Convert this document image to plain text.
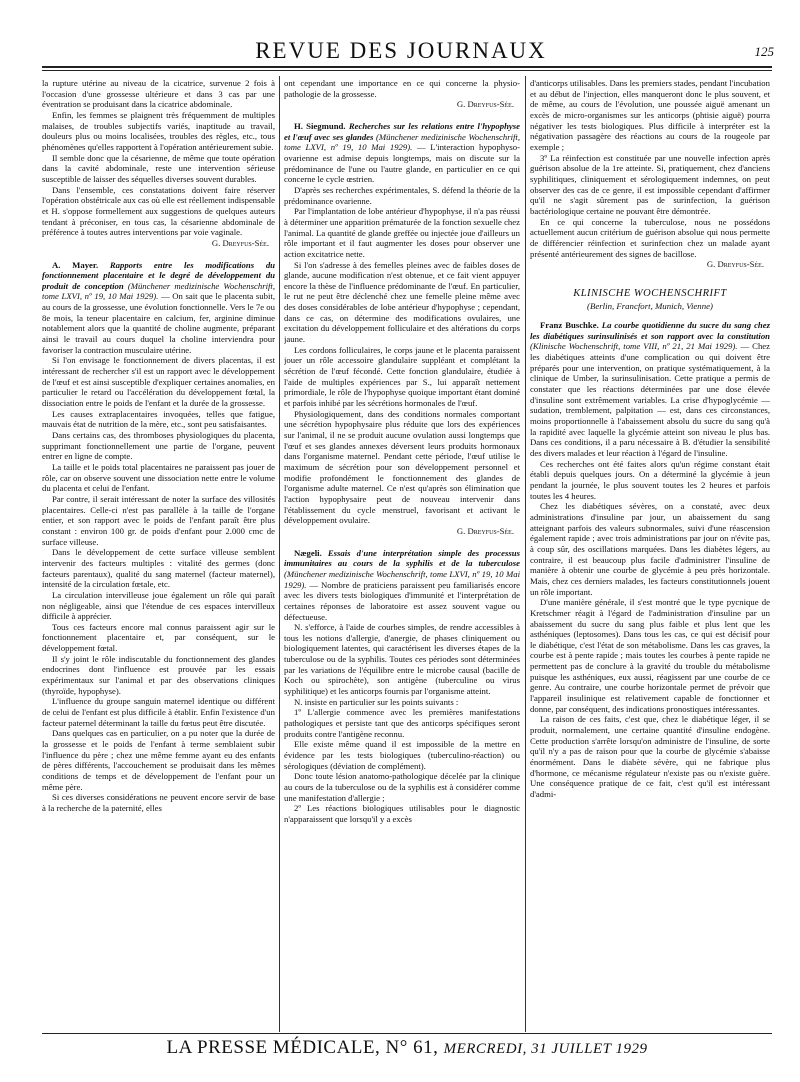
REVUE DES JOURNAUX	125

la rupture utérine au niveau de la cicatrice, survenue 2 fois à l'occasion d'une grossesse ultérieure et dans 3 cas par une éventration se produisant dans la cicatrice abdominale.

Enfin, les femmes se plaignent très fréquemment de multiples malaises, de troubles subjectifs variés, inaptitude au travail, douleurs plus ou moins localisées, troubles des règles, etc., tous phénomènes qu'elles rapportent à l'opération antérieurement subie.

Il semble donc que la césarienne, de même que toute opération dans la cavité abdominale, reste une intervention sérieuse susceptible de laisser des séquelles diverses souvent durables.

Dans l'ensemble, ces constatations doivent faire réserver l'opération obstétricale aux cas où elle est réellement indispensable et H. s'oppose formellement aux suggestions de quelques auteurs tendant à préconiser, en tous cas, la césarienne abdominale de préférence à toutes autres interventions par voie vaginale.

G. Dreyfus-Sée.

A. Mayer. Rapports entre les modifications du fonctionnement placentaire et le degré de développement du produit de conception (Münchener medizinische Wochenschrift, tome LXVI, nº 19, 10 Mai 1929). — On sait que le placenta subit, au cours de la grossesse, une évolution fonctionnelle. Vers le 7e ou 8e mois, la teneur placentaire en calcium, fer, arginine diminue notablement alors que la quantité de choline augmente, préparant ainsi le travail au cours duquel la choline interviendra pour favoriser la contraction musculaire utérine.

Si l'on envisage le fonctionnement de divers placentas, il est intéressant de rechercher s'il est un rapport avec le développement de l'œuf et est ainsi susceptible d'expliquer certaines anomalies, en particulier le retard ou l'accélération du développement fœtal, la dissociation entre le poids de l'enfant et la durée de la grossesse.

Les causes extraplacentaires invoquées, telles que fatigue, mauvais état de nutrition de la mère, etc., sont peu satisfaisantes.

Dans certains cas, des thromboses physiologiques du placenta, supprimant fonctionnellement une partie de l'organe, peuvent entrer en ligne de compte.

La taille et le poids total placentaires ne paraissent pas jouer de rôle, car on observe souvent une dissociation nette entre le volume du placenta et celui de l'enfant.

Par contre, il serait intéressant de noter la surface des villosités placentaires. Celle-ci n'est pas parallèle à la taille de l'organe entier, et son rapport avec le poids de l'enfant paraît être plus constant : environ 100 gr. de poids d'enfant pour 2.000 cmc de surface villeuse.

Dans le développement de cette surface villeuse semblent intervenir des facteurs multiples : vitalité des germes (donc facteurs parentaux), qualité du sang maternel (facteur maternel), intensité de la circulation fœtale, etc.

La circulation intervilleuse joue également un rôle qui paraît non négligeable, ainsi que l'étendue de ces espaces intervilleux difficile à apprécier.

Tous ces facteurs encore mal connus paraissent agir sur le fonctionnement placentaire et, par conséquent, sur le développement fœtal.

Il s'y joint le rôle indiscutable du fonctionnement des glandes endocrines dont l'influence est prouvée par les essais expérimentaux sur l'animal et par des observations cliniques (thyroïde, hypophyse).

L'influence du groupe sanguin maternel identique ou différent de celui de l'enfant est plus difficile à établir. Enfin l'existence d'un facteur paternel déterminant la taille du fœtus peut être discutée.

Dans quelques cas en particulier, on a pu noter que la durée de la grossesse et le poids de l'enfant à terme semblaient subir l'influence du père ; chez une même femme ayant eu des enfants de pères différents, l'accouchement se produisait dans les mêmes conditions de temps et de développement de l'enfant pour un même père.

Si ces diverses considérations ne peuvent encore servir de base à la recherche de la paternité, elles

ont cependant une importance en ce qui concerne la physio-pathologie de la grossesse.

G. Dreyfus-Sée.

H. Siegmund. Recherches sur les relations entre l'hypophyse et l'œuf avec ses glandes (Münchener medizinische Wochenschrift, tome LXVI, nº 19, 10 Mai 1929). — L'interaction hypophyso-ovarienne est admise depuis longtemps, mais on discute sur la prédominance de l'une ou l'autre glande, en particulier en ce qui concerne le cycle œstrien.

D'après ses recherches expérimentales, S. défend la théorie de la prédominance ovarienne.

Par l'implantation de lobe antérieur d'hypophyse, il n'a pas réussi à déterminer une apparition prématurée de la fonction sexuelle chez l'animal. La quantité de glande greffée ou injectée joue d'ailleurs un rôle important et il faut augmenter les doses pour observer une action excitatrice nette.

Si l'on s'adresse à des femelles pleines avec de faibles doses de glande, aucune modification n'est obtenue, et ce fait vient appuyer encore la thèse de l'influence prédominante de l'œuf. En particulier, le rut ne peut être déclenché chez une femelle pleine même avec des doses considérables de lobe antérieur d'hypophyse ; cependant, dans ce cas, on détermine des modifications ovulaires, une excitation du développement folliculaire et des altérations du corps jaune.

Les cordons folliculaires, le corps jaune et le placenta paraissent jouer un rôle accessoire glandulaire suppléant et complétant la sécrétion de l'œuf fécondé. Cette fonction glandulaire, étudiée à l'aide de multiples expériences par S., lui apparaît nettement primordiale, le rôle de l'hypophyse quoique important étant dominé et parfois inhibé par les sécrétions hormonales de l'œuf.

Physiologiquement, dans des conditions normales comportant une sécrétion hypophysaire plus réduite que lors des expériences sur l'animal, il ne se produit aucune ovulation aussi longtemps que l'œuf et ses glandes annexes déversent leurs produits hormonaux dans l'organisme maternel. Pendant cette période, l'œuf utilise le maximum de sécrétion pour son développement personnel et modifie profondément le fonctionnement des glandes de l'organisme adulte maternel. Ce n'est qu'après son élimination que l'action hypophysaire peut de nouveau intervenir dans l'établissement du cycle menstruel, favorisant et activant le développement ovulaire.

G. Dreyfus-Sée.

Nægeli. Essais d'une interprétation simple des processus immunitaires au cours de la syphilis et de la tuberculose (Münchener medizinische Wochenschrift, tome LXVI, nº 19, 10 Mai 1929). — Nombre de praticiens paraissent peu familiarisés encore avec les divers tests biologiques d'immunité et l'interprétation de certaines réponses de laboratoire est assez souvent vague ou défectueuse.

N. s'efforce, à l'aide de courbes simples, de rendre accessibles à tous les notions d'allergie, d'anergie, de phases cliniquement ou biologiquement latentes, qui caractérisent les diverses étapes de la tuberculose ou de la syphilis. Toutes ces périodes sont déterminées par les variations de l'équilibre entre le microbe causal (bacille de Koch ou spirochète), son antigène (tuberculine ou virus syphilitique) et les anticorps fournis par l'organisme atteint.

N. insiste en particulier sur les points suivants :

1º L'allergie commence avec les premières manifestations pathologiques et persiste tant que des anticorps spécifiques seront produits contre l'antigène reconnu.

Elle existe même quand il est impossible de la mettre en évidence par les tests biologiques (tuberculino-réaction) ou sérologiques (déviation de complément).

Donc toute lésion anatomo-pathologique décelée par la clinique au cours de la tuberculose ou de la syphilis est à considérer comme une manifestation d'allergie ;

2º Les réactions biologiques utilisables pour le diagnostic n'apparaissent que lorsqu'il y a excès

d'anticorps utilisables. Dans les premiers stades, pendant l'incubation et au début de l'injection, elles manqueront donc le plus souvent, et de même, au cours de l'évolution, une poussée aiguë amenant un excès de micro-organismes sur les anticorps (phtisie aiguë) pourra négativer les tests biologiques. Plus difficile à interpréter est la négativation passagère des réactions au cours de la rougeole par exemple ;

3º La réinfection est constituée par une nouvelle infection après guérison absolue de la 1re atteinte. Si, pratiquement, chez d'anciens syphilitiques, cliniquement et sérologiquement indemnes, on peut observer des cas de ce genre, il est impossible cependant d'affirmer qu'il ne s'agit sûrement pas de surinfection, la guérison bactériologique certaine ne pouvant être démontrée.

En ce qui concerne la tuberculose, nous ne possédons actuellement aucun critérium de guérison absolue qui nous permette de différencier réinfection et surinfection chez un malade ayant présenté antérieurement des signes de bacillose.

G. Dreyfus-Sée.
KLINISCHE WOCHENSCHRIFT
(Berlin, Francfort, Munich, Vienne)

Franz Buschke. La courbe quotidienne du sucre du sang chez les diabétiques surinsulinisés et son rapport avec la constitution (Klinische Wochenschrift, tome VIII, nº 21, 21 Mai 1929). — Chez les diabétiques atteints d'une complication ou qui doivent être préparés pour une intervention, on pratique systématiquement, à la clinique de Umber, la surinsulinisation. Cette pratique a permis de constater que les réactions déterminées par une dose élevée d'insuline sont extrêmement variables. La crise d'hypoglycémie — sudation, tremblement, palpitation — est, dans ces circonstances, moins proportionnelle à l'abaissement absolu du sucre du sang qu'à la rapidité avec laquelle la glycémie atteint son niveau le plus bas. Dans ces conditions, il a paru nécessaire à B. d'étudier la sensibilité des divers malades et leur réaction à l'égard de l'insuline.

Ces recherches ont été faites alors qu'un régime constant était établi depuis quelques jours. On a déterminé la glycémie à jeun pendant la journée, le plus souvent toutes les 2 heures et parfois toutes les 4 heures.

Chez les diabétiques sévères, on a constaté, avec deux administrations d'insuline par jour, un abaissement du sang atteignant parfois des valeurs subnormales, suivi d'une réascension également rapide ; avec trois administrations par jour on n'évite pas, à coup sûr, des oscillations marquées. Dans les diabètes légers, au contraire, il est beaucoup plus facile d'administrer l'insuline de manière à obtenir une courbe de glycémie à peu près horizontale. Mais, chez ces derniers malades, les facteurs constitutionnels jouent un rôle important.

D'une manière générale, il s'est montré que le type pycnique de Kretschmer réagit à l'égard de l'administration d'insuline par un abaissement du sucre du sang plus faible et plus lent que les asthéniques (leptosomes). Dans tous les cas, ce qui est décisif pour le diabétique, c'est l'état de son métabolisme. Dans les cas graves, la courbe est à pente rapide ; mais toutes les courbes à pente rapide ne permettent pas de conclure à la gravité du trouble du métabolisme puisque les asthéniques, eux aussi, réagissent par une courbe de ce genre. Au contraire, une courbe horizontale permet de prévoir que l'appareil insulinique est relativement capable de fonctionner et donne, par conséquent, des indications pronostiques intéressantes.

La raison de ces faits, c'est que, chez le diabétique léger, il se produit, normalement, une certaine quantité d'insuline endogène. Cette production s'arrête lorsqu'on administre de l'insuline, de sorte qu'il n'y a pas de raison pour que la courbe de glycémie s'abaisse énormément. Dans le diabète sévère, qui ne fabrique plus d'hormone, ce mécanisme régulateur n'existe pas ou n'existe guère. Une conséquence pratique de ce fait, c'est qu'il est intéressant d'admi-

LA PRESSE MÉDICALE, N° 61, MERCREDI, 31 JUILLET 1929
